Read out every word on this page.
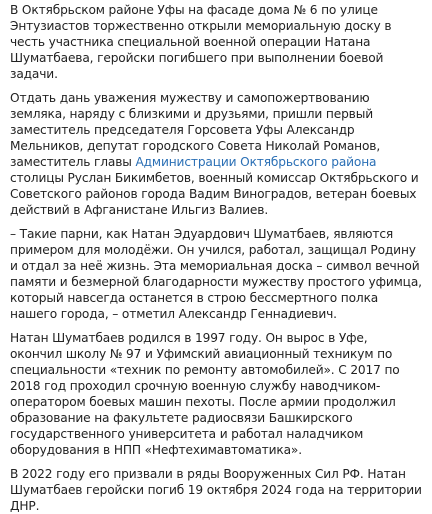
В Октябрьском районе Уфы на фасаде дома № 6 по улице Энтузиастов торжественно открыли мемориальную доску в честь участника специальной военной операции Натана Шуматбаева, геройски погибшего при выполнении боевой задачи.

Отдать дань уважения мужеству и самопожертвованию земляка, наряду с близкими и друзьями, пришли первый заместитель председателя Горсовета Уфы Александр Мельников, депутат городского Совета Николай Романов, заместитель главы Администрации Октябрьского района столицы Руслан Бикимбетов, военный комиссар Октябрьского и Советского районов города Вадим Виноградов, ветеран боевых действий в Афганистане Ильгиз Валиев.

– Такие парни, как Натан Эдуардович Шуматбаев, являются примером для молодёжи. Он учился, работал, защищал Родину и отдал за неё жизнь. Эта мемориальная доска – символ вечной памяти и безмерной благодарности мужеству простого уфимца, который навсегда останется в строю бессмертного полка нашего города, – отметил Александр Геннадиевич.

Натан Шуматбаев родился в 1997 году. Он вырос в Уфе, окончил школу № 97 и Уфимский авиационный техникум по специальности «техник по ремонту автомобилей». С 2017 по 2018 год проходил срочную военную службу наводчиком-оператором боевых машин пехоты. После армии продолжил образование на факультете радиосвязи Башкирского государственного университета и работал наладчиком оборудования в НПП «Нефтехимавтоматика».

В 2022 году его призвали в ряды Вооруженных Сил РФ. Натан Шуматбаев геройски погиб 19 октября 2024 года на территории ДНР.
